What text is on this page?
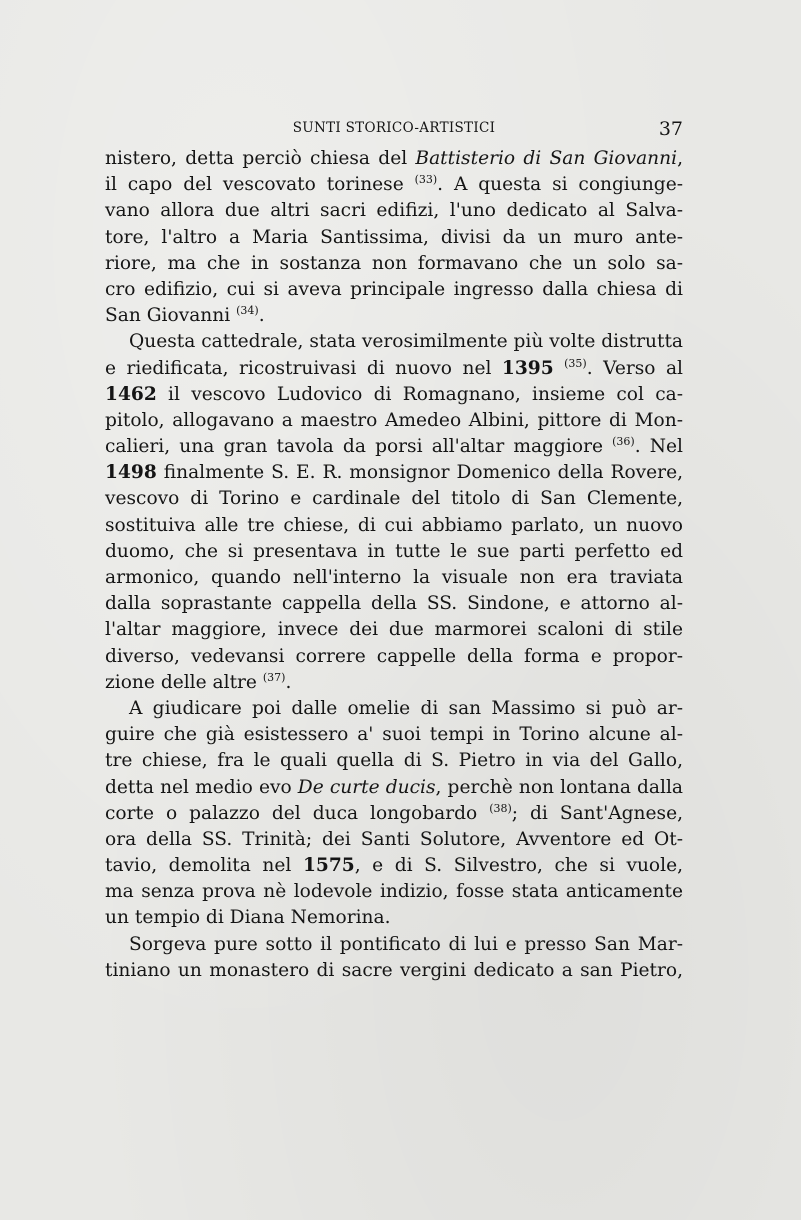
SUNTI STORICO-ARTISTICI	37
nistero, detta perciò chiesa del Battisterio di San Giovanni,
il capo del vescovato torinese $^{(33)}$. A questa si congiunge-
vano allora due altri sacri edifizi, l'uno dedicato al Salva-
tore, l'altro a Maria Santissima, divisi da un muro ante-
riore, ma che in sostanza non formavano che un solo sa-
cro edifizio, cui si aveva principale ingresso dalla chiesa di
San Giovanni $^{(34)}$.
Questa cattedrale, stata verosimilmente più volte distrutta
e riedificata, ricostruivasi di nuovo nel 1395 $^{(35)}$. Verso al
1462 il vescovo Ludovico di Romagnano, insieme col ca-
pitolo, allogavano a maestro Amedeo Albini, pittore di Mon-
calieri, una gran tavola da porsi all'altar maggiore $^{(36)}$. Nel
1498 finalmente S. E. R. monsignor Domenico della Rovere,
vescovo di Torino e cardinale del titolo di San Clemente,
sostituiva alle tre chiese, di cui abbiamo parlato, un nuovo
duomo, che si presentava in tutte le sue parti perfetto ed
armonico, quando nell'interno la visuale non era traviata
dalla soprastante cappella della SS. Sindone, e attorno al-
l'altar maggiore, invece dei due marmorei scaloni di stile
diverso, vedevansi correre cappelle della forma e propor-
zione delle altre $^{(37)}$.
A giudicare poi dalle omelie di san Massimo si può ar-
guire che già esistessero a' suoi tempi in Torino alcune al-
tre chiese, fra le quali quella di S. Pietro in via del Gallo,
detta nel medio evo De curte ducis, perchè non lontana dalla
corte o palazzo del duca longobardo $^{(38)}$; di Sant'Agnese,
ora della SS. Trinità; dei Santi Solutore, Avventore ed Ot-
tavio, demolita nel 1575, e di S. Silvestro, che si vuole,
ma senza prova nè lodevole indizio, fosse stata anticamente
un tempio di Diana Nemorina.
Sorgeva pure sotto il pontificato di lui e presso San Mar-
tiniano un monastero di sacre vergini dedicato a san Pietro,
